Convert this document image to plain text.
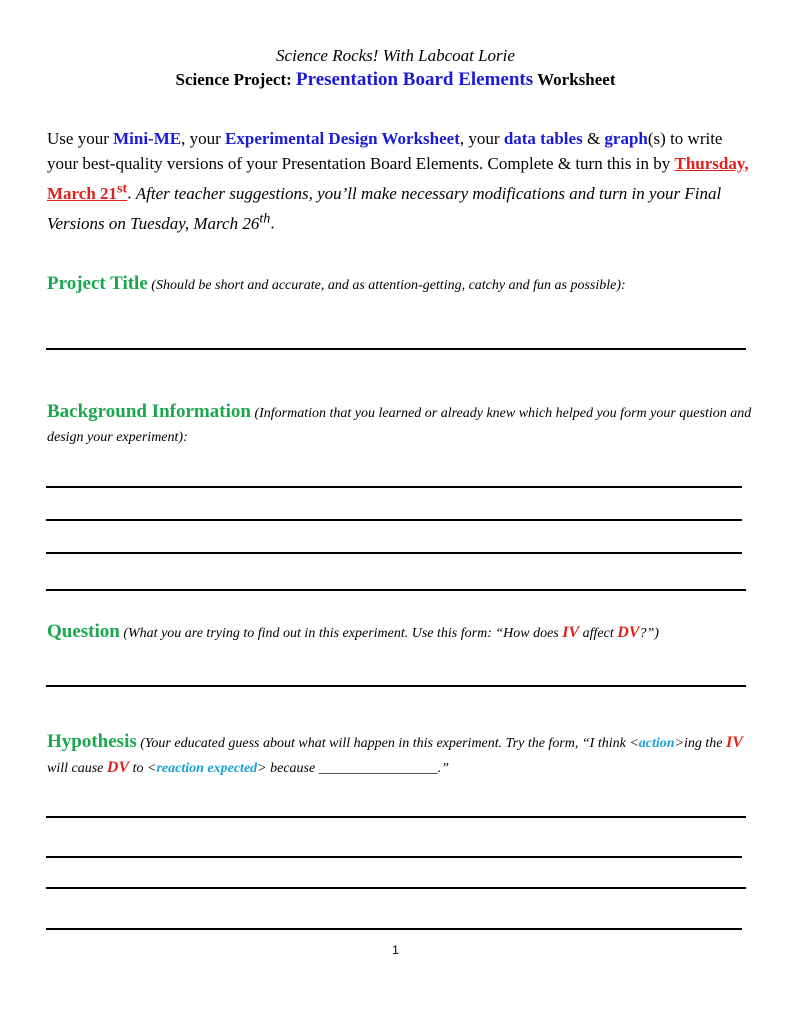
Science Rocks! With Labcoat Lorie
Science Project: Presentation Board Elements Worksheet
Use your Mini-ME, your Experimental Design Worksheet, your data tables & graph(s) to write your best-quality versions of your Presentation Board Elements. Complete & turn this in by Thursday, March 21st. After teacher suggestions, you’ll make necessary modifications and turn in your Final Versions on Tuesday, March 26th.
Project Title (Should be short and accurate, and as attention-getting, catchy and fun as possible):
Background Information (Information that you learned or already knew which helped you form your question and design your experiment):
Question (What you are trying to find out in this experiment. Use this form: “How does IV affect DV?”)
Hypothesis (Your educated guess about what will happen in this experiment. Try the form, “I think <action>ing the IV will cause DV to <reaction expected> because _________________.”
1
